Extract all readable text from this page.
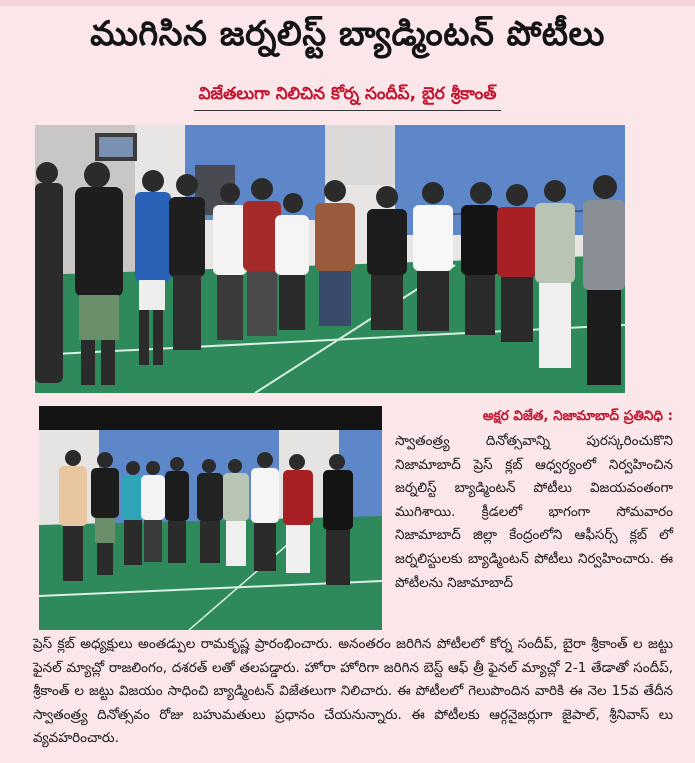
ముగిసిన జర్నలిస్ట్ బ్యాడ్మింటన్ పోటీలు
విజేతలుగా నిలిచిన కోర్న సందీప్, బైర శ్రీకాంత్
అక్షర విజేత, నిజామాబాద్ ప్రతినిధి :

స్వాతంత్ర్య దినోత్సవాన్ని పురస్కరించుకొని నిజామాబాద్ ప్రెస్ క్లబ్ ఆధ్వర్యంలో నిర్వహించిన జర్నలిస్ట్ బ్యాడ్మింటన్ పోటీలు విజయవంతంగా ముగిశాయి. క్రీడలలో భాగంగా సోమవారం నిజామాబాద్ జిల్లా కేంద్రంలోని ఆఫీసర్స్ క్లబ్ లో జర్నలిస్టులకు బ్యాడ్మింటన్ పోటీలు నిర్వహించారు. ఈ పోటీలను నిజామాబాద్

ప్రెస్ క్లబ్ అధ్యక్షులు అంతడ్పుల రామకృష్ణ ప్రారంభించారు. అనంతరం జరిగిన పోటీలలో కోర్న సందీప్, బైరా శ్రీకాంత్ ల జట్టు ఫైనల్ మ్యాచ్లో రాజలింగం, దశరత్ లతో తలపడ్డారు. హోరా హోరిగా జరిగిన బెస్ట్ ఆఫ్ త్రీ ఫైనల్ మ్యాచ్లో 2-1 తేడాతో సందీప్, శ్రీకాంత్ ల జట్టు విజయం సాధించి బ్యాడ్మింటన్ విజేతలుగా నిలిచారు. ఈ పోటీలలో గెలుపొందిన వారికి ఈ నెల 15వ తేదీన స్వాతంత్ర్య దినోత్సవం రోజు బహుమతులు ప్రధానం చేయనున్నారు. ఈ పోటీలకు ఆర్గనైజర్లుగా జైపాల్, శ్రీనివాస్ లు వ్యవహరించారు.
